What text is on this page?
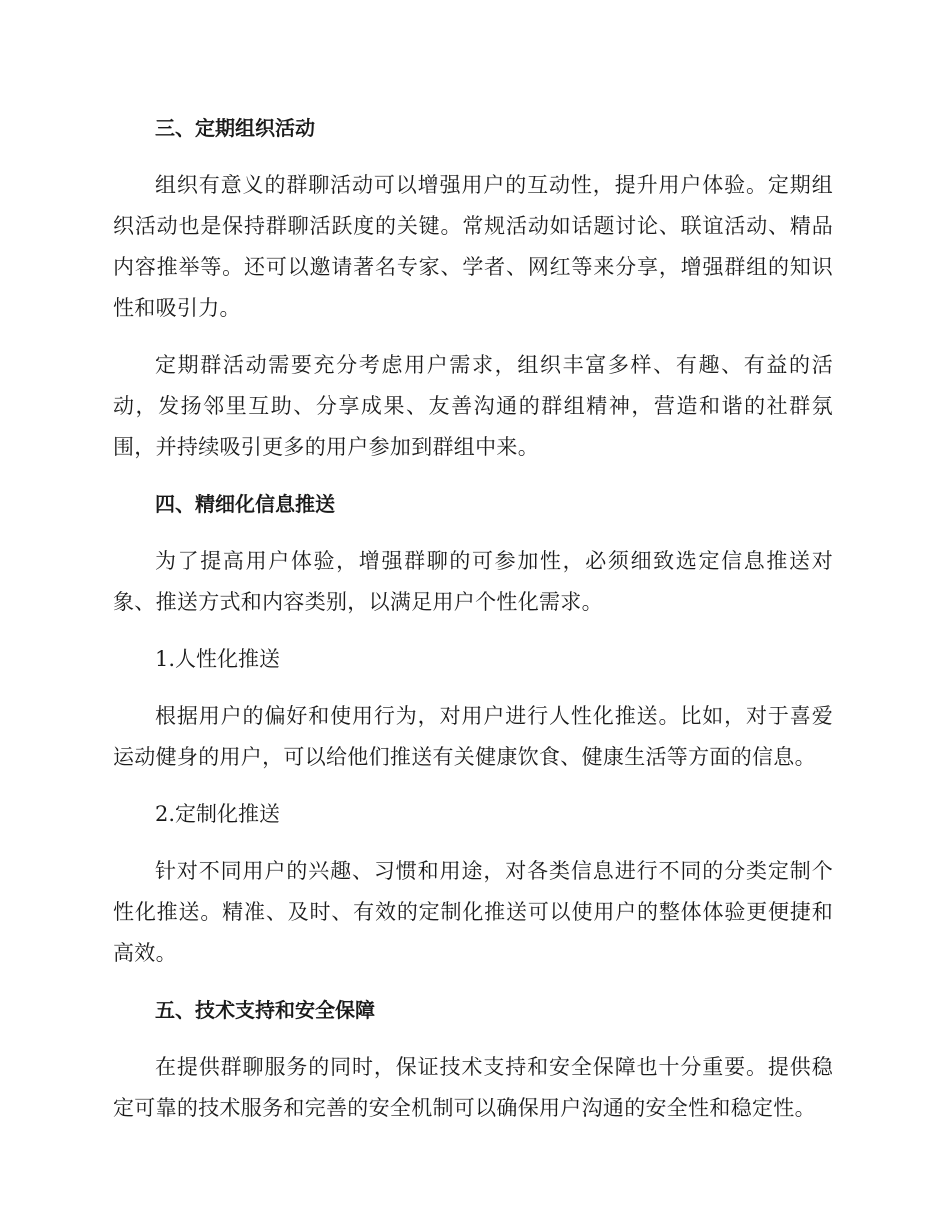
三、定期组织活动

组织有意义的群聊活动可以增强用户的互动性，提升用户体验。定期组织活动也是保持群聊活跃度的关键。常规活动如话题讨论、联谊活动、精品内容推举等。还可以邀请著名专家、学者、网红等来分享，增强群组的知识性和吸引力。

定期群活动需要充分考虑用户需求，组织丰富多样、有趣、有益的活动，发扬邻里互助、分享成果、友善沟通的群组精神，营造和谐的社群氛围，并持续吸引更多的用户参加到群组中来。

四、精细化信息推送

为了提高用户体验，增强群聊的可参加性，必须细致选定信息推送对象、推送方式和内容类别，以满足用户个性化需求。

1.人性化推送

根据用户的偏好和使用行为，对用户进行人性化推送。比如，对于喜爱运动健身的用户，可以给他们推送有关健康饮食、健康生活等方面的信息。

2.定制化推送

针对不同用户的兴趣、习惯和用途，对各类信息进行不同的分类定制个性化推送。精准、及时、有效的定制化推送可以使用户的整体体验更便捷和高效。

五、技术支持和安全保障

在提供群聊服务的同时，保证技术支持和安全保障也十分重要。提供稳定可靠的技术服务和完善的安全机制可以确保用户沟通的安全性和稳定性。
